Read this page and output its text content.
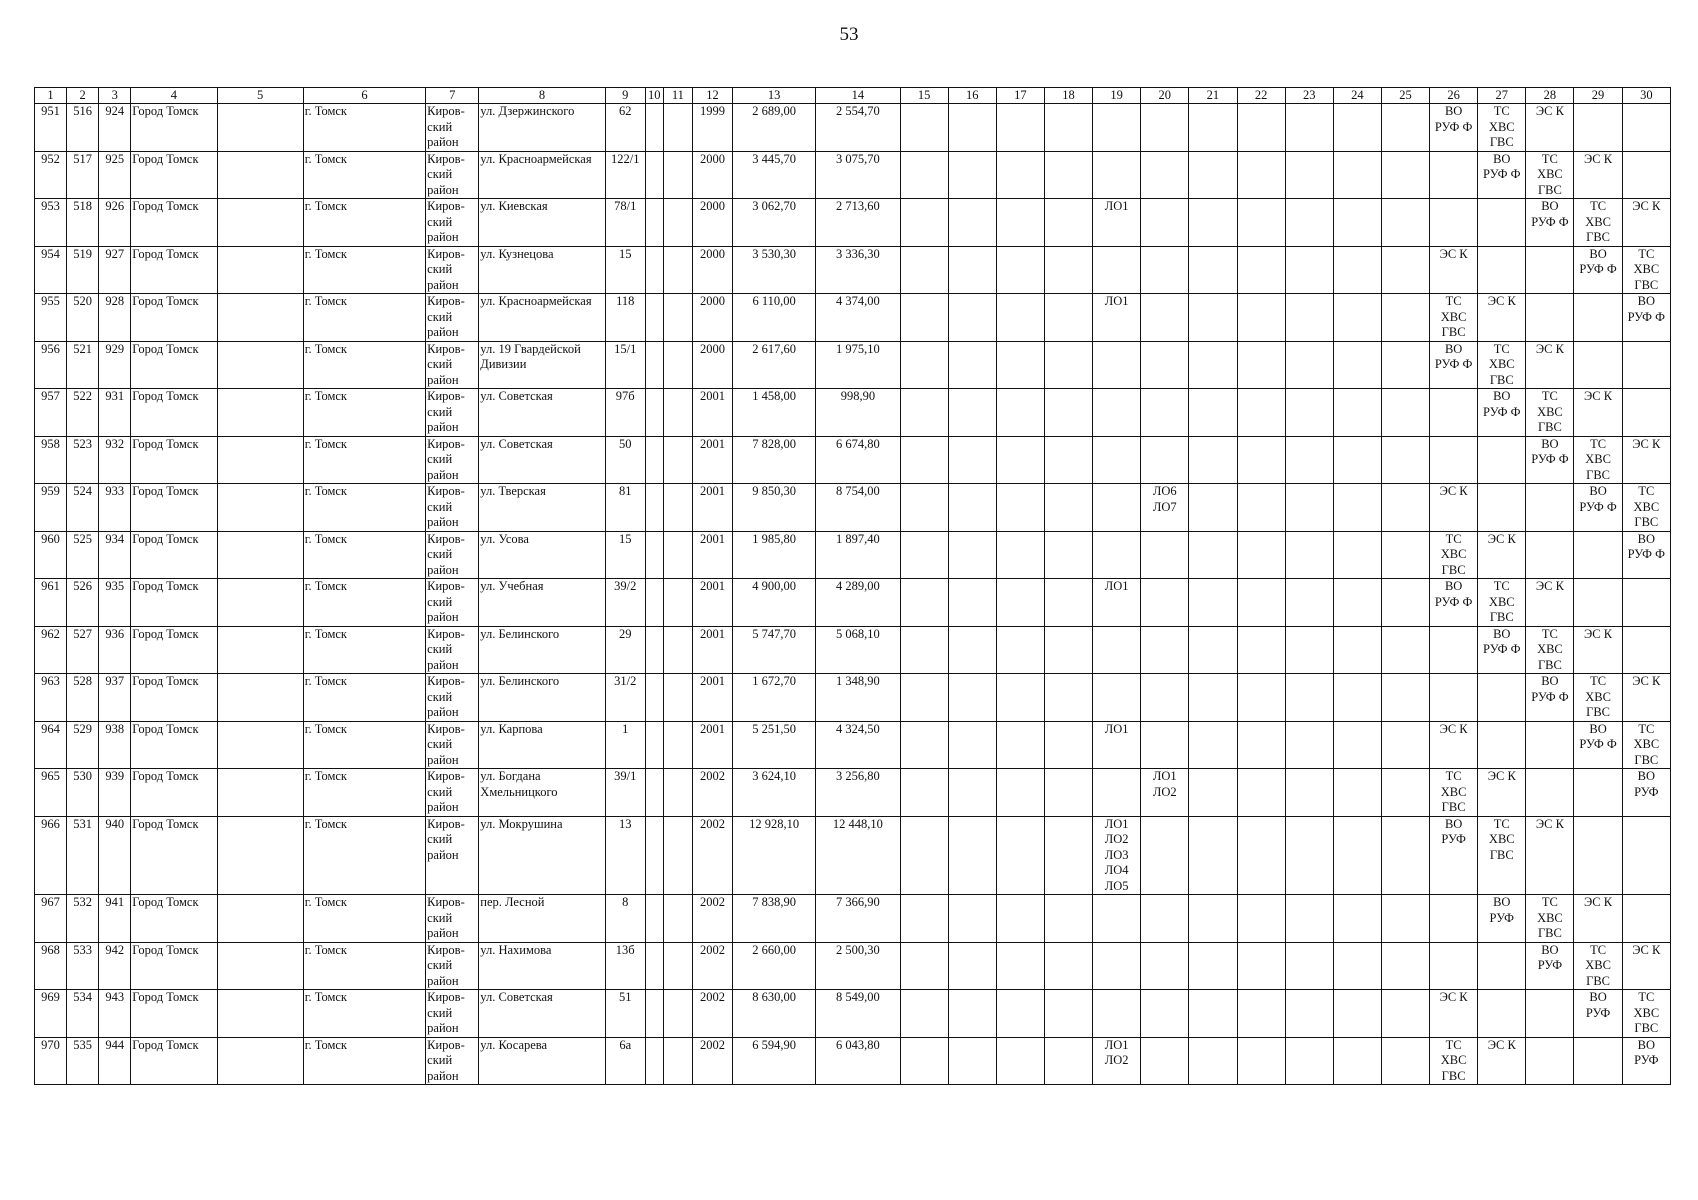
53
1	2	3	4	5	6	7	8	9	10	11	12	13	14	15	16	17	18	19	20	21	22	23	24	25	26	27	28	29	30

951	516	924	Город Томск		г. Томск	Киров-
ский
район	ул. Дзержинского	62			1999	2 689,00	2 554,70												ВО
РУФ Ф	ТС
ХВС
ГВС	ЭС К		

952	517	925	Город Томск		г. Томск	Киров-
ский
район	ул. Красноармейская	122/1			2000	3 445,70	3 075,70													ВО
РУФ Ф	ТС
ХВС
ГВС	ЭС К	

953	518	926	Город Томск		г. Томск	Киров-
ский
район	ул. Киевская	78/1			2000	3 062,70	2 713,60					ЛО1									ВО
РУФ Ф	ТС
ХВС
ГВС	ЭС К

954	519	927	Город Томск		г. Томск	Киров-
ский
район	ул. Кузнецова	15			2000	3 530,30	3 336,30												ЭС К			ВО
РУФ Ф	ТС
ХВС
ГВС

955	520	928	Город Томск		г. Томск	Киров-
ский
район	ул. Красноармейская	118			2000	6 110,00	4 374,00					ЛО1							ТС
ХВС
ГВС	ЭС К			ВО
РУФ Ф

956	521	929	Город Томск		г. Томск	Киров-
ский
район	ул. 19 Гвардейской
Дивизии	15/1			2000	2 617,60	1 975,10												ВО
РУФ Ф	ТС
ХВС
ГВС	ЭС К		

957	522	931	Город Томск		г. Томск	Киров-
ский
район	ул. Советская	97б			2001	1 458,00	998,90													ВО
РУФ Ф	ТС
ХВС
ГВС	ЭС К	

958	523	932	Город Томск		г. Томск	Киров-
ский
район	ул. Советская	50			2001	7 828,00	6 674,80														ВО
РУФ Ф	ТС
ХВС
ГВС	ЭС К

959	524	933	Город Томск		г. Томск	Киров-
ский
район	ул. Тверская	81			2001	9 850,30	8 754,00						ЛО6
ЛО7						ЭС К			ВО
РУФ Ф	ТС
ХВС
ГВС

960	525	934	Город Томск		г. Томск	Киров-
ский
район	ул. Усова	15			2001	1 985,80	1 897,40												ТС
ХВС
ГВС	ЭС К			ВО
РУФ Ф

961	526	935	Город Томск		г. Томск	Киров-
ский
район	ул. Учебная	39/2			2001	4 900,00	4 289,00					ЛО1							ВО
РУФ Ф	ТС
ХВС
ГВС	ЭС К		

962	527	936	Город Томск		г. Томск	Киров-
ский
район	ул. Белинского	29			2001	5 747,70	5 068,10													ВО
РУФ Ф	ТС
ХВС
ГВС	ЭС К	

963	528	937	Город Томск		г. Томск	Киров-
ский
район	ул. Белинского	31/2			2001	1 672,70	1 348,90														ВО
РУФ Ф	ТС
ХВС
ГВС	ЭС К

964	529	938	Город Томск		г. Томск	Киров-
ский
район	ул. Карпова	1			2001	5 251,50	4 324,50					ЛО1							ЭС К			ВО
РУФ Ф	ТС
ХВС
ГВС

965	530	939	Город Томск		г. Томск	Киров-
ский
район	ул. Богдана
Хмельницкого	39/1			2002	3 624,10	3 256,80						ЛО1
ЛО2						ТС
ХВС
ГВС	ЭС К			ВО
РУФ

966	531	940	Город Томск		г. Томск	Киров-
ский
район	ул. Мокрушина	13			2002	12 928,10	12 448,10					ЛО1
ЛО2
ЛО3
ЛО4
ЛО5							ВО
РУФ	ТС
ХВС
ГВС	ЭС К		

967	532	941	Город Томск		г. Томск	Киров-
ский
район	пер. Лесной	8			2002	7 838,90	7 366,90													ВО
РУФ	ТС
ХВС
ГВС	ЭС К	

968	533	942	Город Томск		г. Томск	Киров-
ский
район	ул. Нахимова	13б			2002	2 660,00	2 500,30														ВО
РУФ	ТС
ХВС
ГВС	ЭС К

969	534	943	Город Томск		г. Томск	Киров-
ский
район	ул. Советская	51			2002	8 630,00	8 549,00												ЭС К			ВО
РУФ	ТС
ХВС
ГВС

970	535	944	Город Томск		г. Томск	Киров-
ский
район	ул. Косарева	6а			2002	6 594,90	6 043,80					ЛО1
ЛО2							ТС
ХВС
ГВС	ЭС К			ВО
РУФ
